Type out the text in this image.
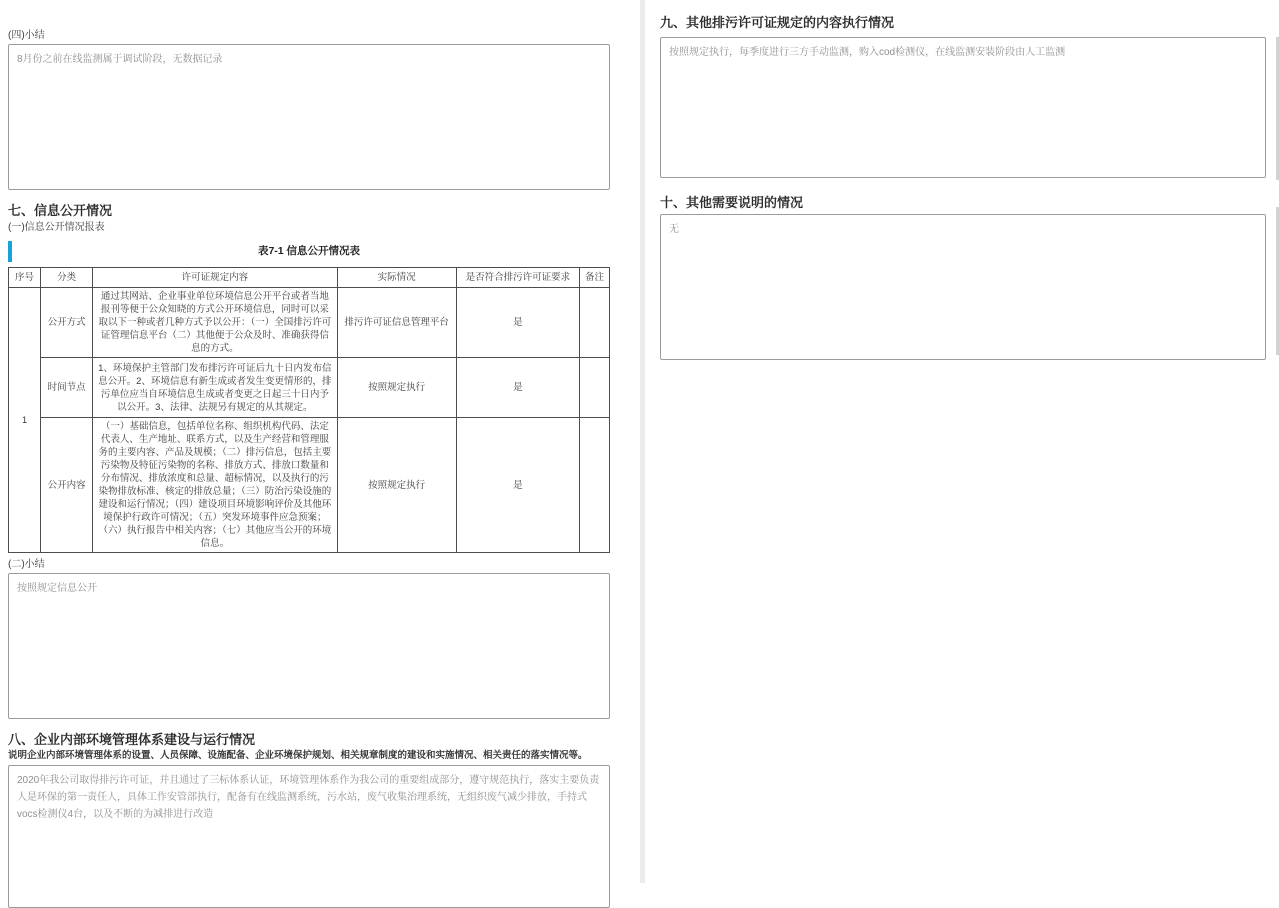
(四)小结
8月份之前在线监测属于调试阶段，无数据记录
七、信息公开情况
(一)信息公开情况报表
表7-1 信息公开情况表
序号	分类	许可证规定内容	实际情况	是否符合排污许可证要求	备注
1	公开方式	通过其网站、企业事业单位环境信息公开平台或者当地报刊等便于公众知晓的方式公开环境信息，同时可以采取以下一种或者几种方式予以公开：（一）全国排污许可证管理信息平台（二）其他便于公众及时、准确获得信息的方式。	排污许可证信息管理平台	是	
	时间节点	1、环境保护主管部门发布排污许可证后九十日内发布信息公开。2、环境信息有新生成或者发生变更情形的，排污单位应当自环境信息生成或者变更之日起三十日内予以公开。3、法律、法规另有规定的从其规定。	按照规定执行	是	
	公开内容	（一）基础信息，包括单位名称、组织机构代码、法定代表人、生产地址、联系方式，以及生产经营和管理服务的主要内容、产品及规模；（二）排污信息，包括主要污染物及特征污染物的名称、排放方式、排放口数量和分布情况、排放浓度和总量、超标情况，以及执行的污染物排放标准、核定的排放总量；（三）防治污染设施的建设和运行情况；（四）建设项目环境影响评价及其他环境保护行政许可情况；（五）突发环境事件应急预案；（六）执行报告中相关内容；（七）其他应当公开的环境信息。	按照规定执行	是	
(二)小结
按照规定信息公开
八、企业内部环境管理体系建设与运行情况
说明企业内部环境管理体系的设置、人员保障、设施配备、企业环境保护规划、相关规章制度的建设和实施情况、相关责任的落实情况等。
2020年我公司取得排污许可证，并且通过了三标体系认证，环境管理体系作为我公司的重要组成部分，遵守规范执行，落实主要负责人是环保的第一责任人，具体工作安管部执行，配备有在线监测系统，污水站，废气收集治理系统，无组织废气减少排放，手持式vocs检测仪4台，以及不断的为减排进行改造
九、其他排污许可证规定的内容执行情况
按照规定执行，每季度进行三方手动监测，购入cod检测仪，在线监测安装阶段由人工监测
十、其他需要说明的情况
无
